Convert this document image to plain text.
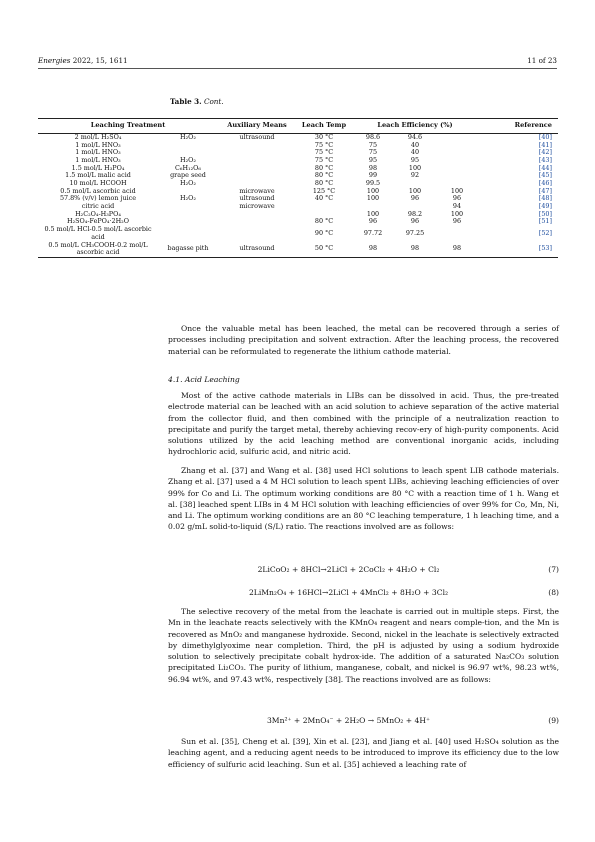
Energies 2022, 15, 1611	11 of 23
Table 3. Cont.
Leaching Treatment		Auxiliary Means	Leach Temp	Leach Efficiency (%)			Reference
2 mol/L H₂SO₄	H₂O₂	ultrasound	30 °C	98.6	94.6		[40]
1 mol/L HNO₃			75 °C	75	40		[41]
1 mol/L HNO₃			75 °C	75	40		[42]
1 mol/L HNO₃	H₂O₂		75 °C	95	95		[43]
1.5 mol/L H₃PO₄	C₆H₁₂O₆		80 °C	98	100		[44]
1.5 mol/L malic acid	grape seed		80 °C	99	92		[45]
10 mol/L HCOOH	H₂O₂		80 °C	99.5			[46]
0.5 mol/L ascorbic acid		microwave	125 °C	100	100	100	[47]
57.8% (v/v) lemon juice	H₂O₂	ultrasound	40 °C	100	96	96	[48]
citric acid		microwave				94	[49]
H₂C₂O₄-H₃PO₄				100	98.2	100	[50]
H₂SO₄-FePO₄·2H₂O			80 °C	96	96	96	[51]
0.5 mol/L HCl-0.5 mol/L ascorbic acid			90 °C	97.72	97.25		[52]
0.5 mol/L CH₃COOH-0.2 mol/L ascorbic acid	bagasse pith	ultrasound	50 °C	98	98	98	[53]

Once the valuable metal has been leached, the metal can be recovered through a series of processes including precipitation and solvent extraction. After the leaching process, the recovered material can be reformulated to regenerate the lithium cathode material.

4.1. Acid Leaching

Most of the active cathode materials in LIBs can be dissolved in acid. Thus, the pre-treated electrode material can be leached with an acid solution to achieve separation of the active material from the collector fluid, and then combined with the principle of a neutralization reaction to precipitate and purify the target metal, thereby achieving recov-ery of high-purity components. Acid solutions utilized by the acid leaching method are conventional inorganic acids, including hydrochloric acid, sulfuric acid, and nitric acid.

Zhang et al. [37] and Wang et al. [38] used HCl solutions to leach spent LIB cathode materials. Zhang et al. [37] used a 4 M HCl solution to leach spent LIBs, achieving leaching efficiencies of over 99% for Co and Li. The optimum working conditions are 80 °C with a reaction time of 1 h. Wang et al. [38] leached spent LIBs in 4 M HCl solution with leaching efficiencies of over 99% for Co, Mn, Ni, and Li. The optimum working conditions are an 80 °C leaching temperature, 1 h leaching time, and a 0.02 g/mL solid-to-liquid (S/L) ratio. The reactions involved are as follows:

2LiCoO₂ + 8HCl→2LiCl + 2CoCl₂ + 4H₂O + Cl₂	(7)
2LiMn₂O₄ + 16HCl→2LiCl + 4MnCl₂ + 8H₂O + 3Cl₂	(8)

The selective recovery of the metal from the leachate is carried out in multiple steps. First, the Mn in the leachate reacts selectively with the KMnO₄ reagent and nears comple-tion, and the Mn is recovered as MnO₂ and manganese hydroxide. Second, nickel in the leachate is selectively extracted by dimethylglyoxime near completion. Third, the pH is adjusted by using a sodium hydroxide solution to selectively precipitate cobalt hydrox-ide. The addition of a saturated Na₂CO₃ solution precipitated Li₂CO₃. The purity of lithium, manganese, cobalt, and nickel is 96.97 wt%, 98.23 wt%, 96.94 wt%, and 97.43 wt%, respectively [38]. The reactions involved are as follows:

3Mn²⁺ + 2MnO₄⁻ + 2H₂O → 5MnO₂ + 4H⁺	(9)

Sun et al. [35], Cheng et al. [39], Xin et al. [23], and Jiang et al. [40] used H₂SO₄ solution as the leaching agent, and a reducing agent needs to be introduced to improve its efficiency due to the low efficiency of sulfuric acid leaching. Sun et al. [35] achieved a leaching rate of
